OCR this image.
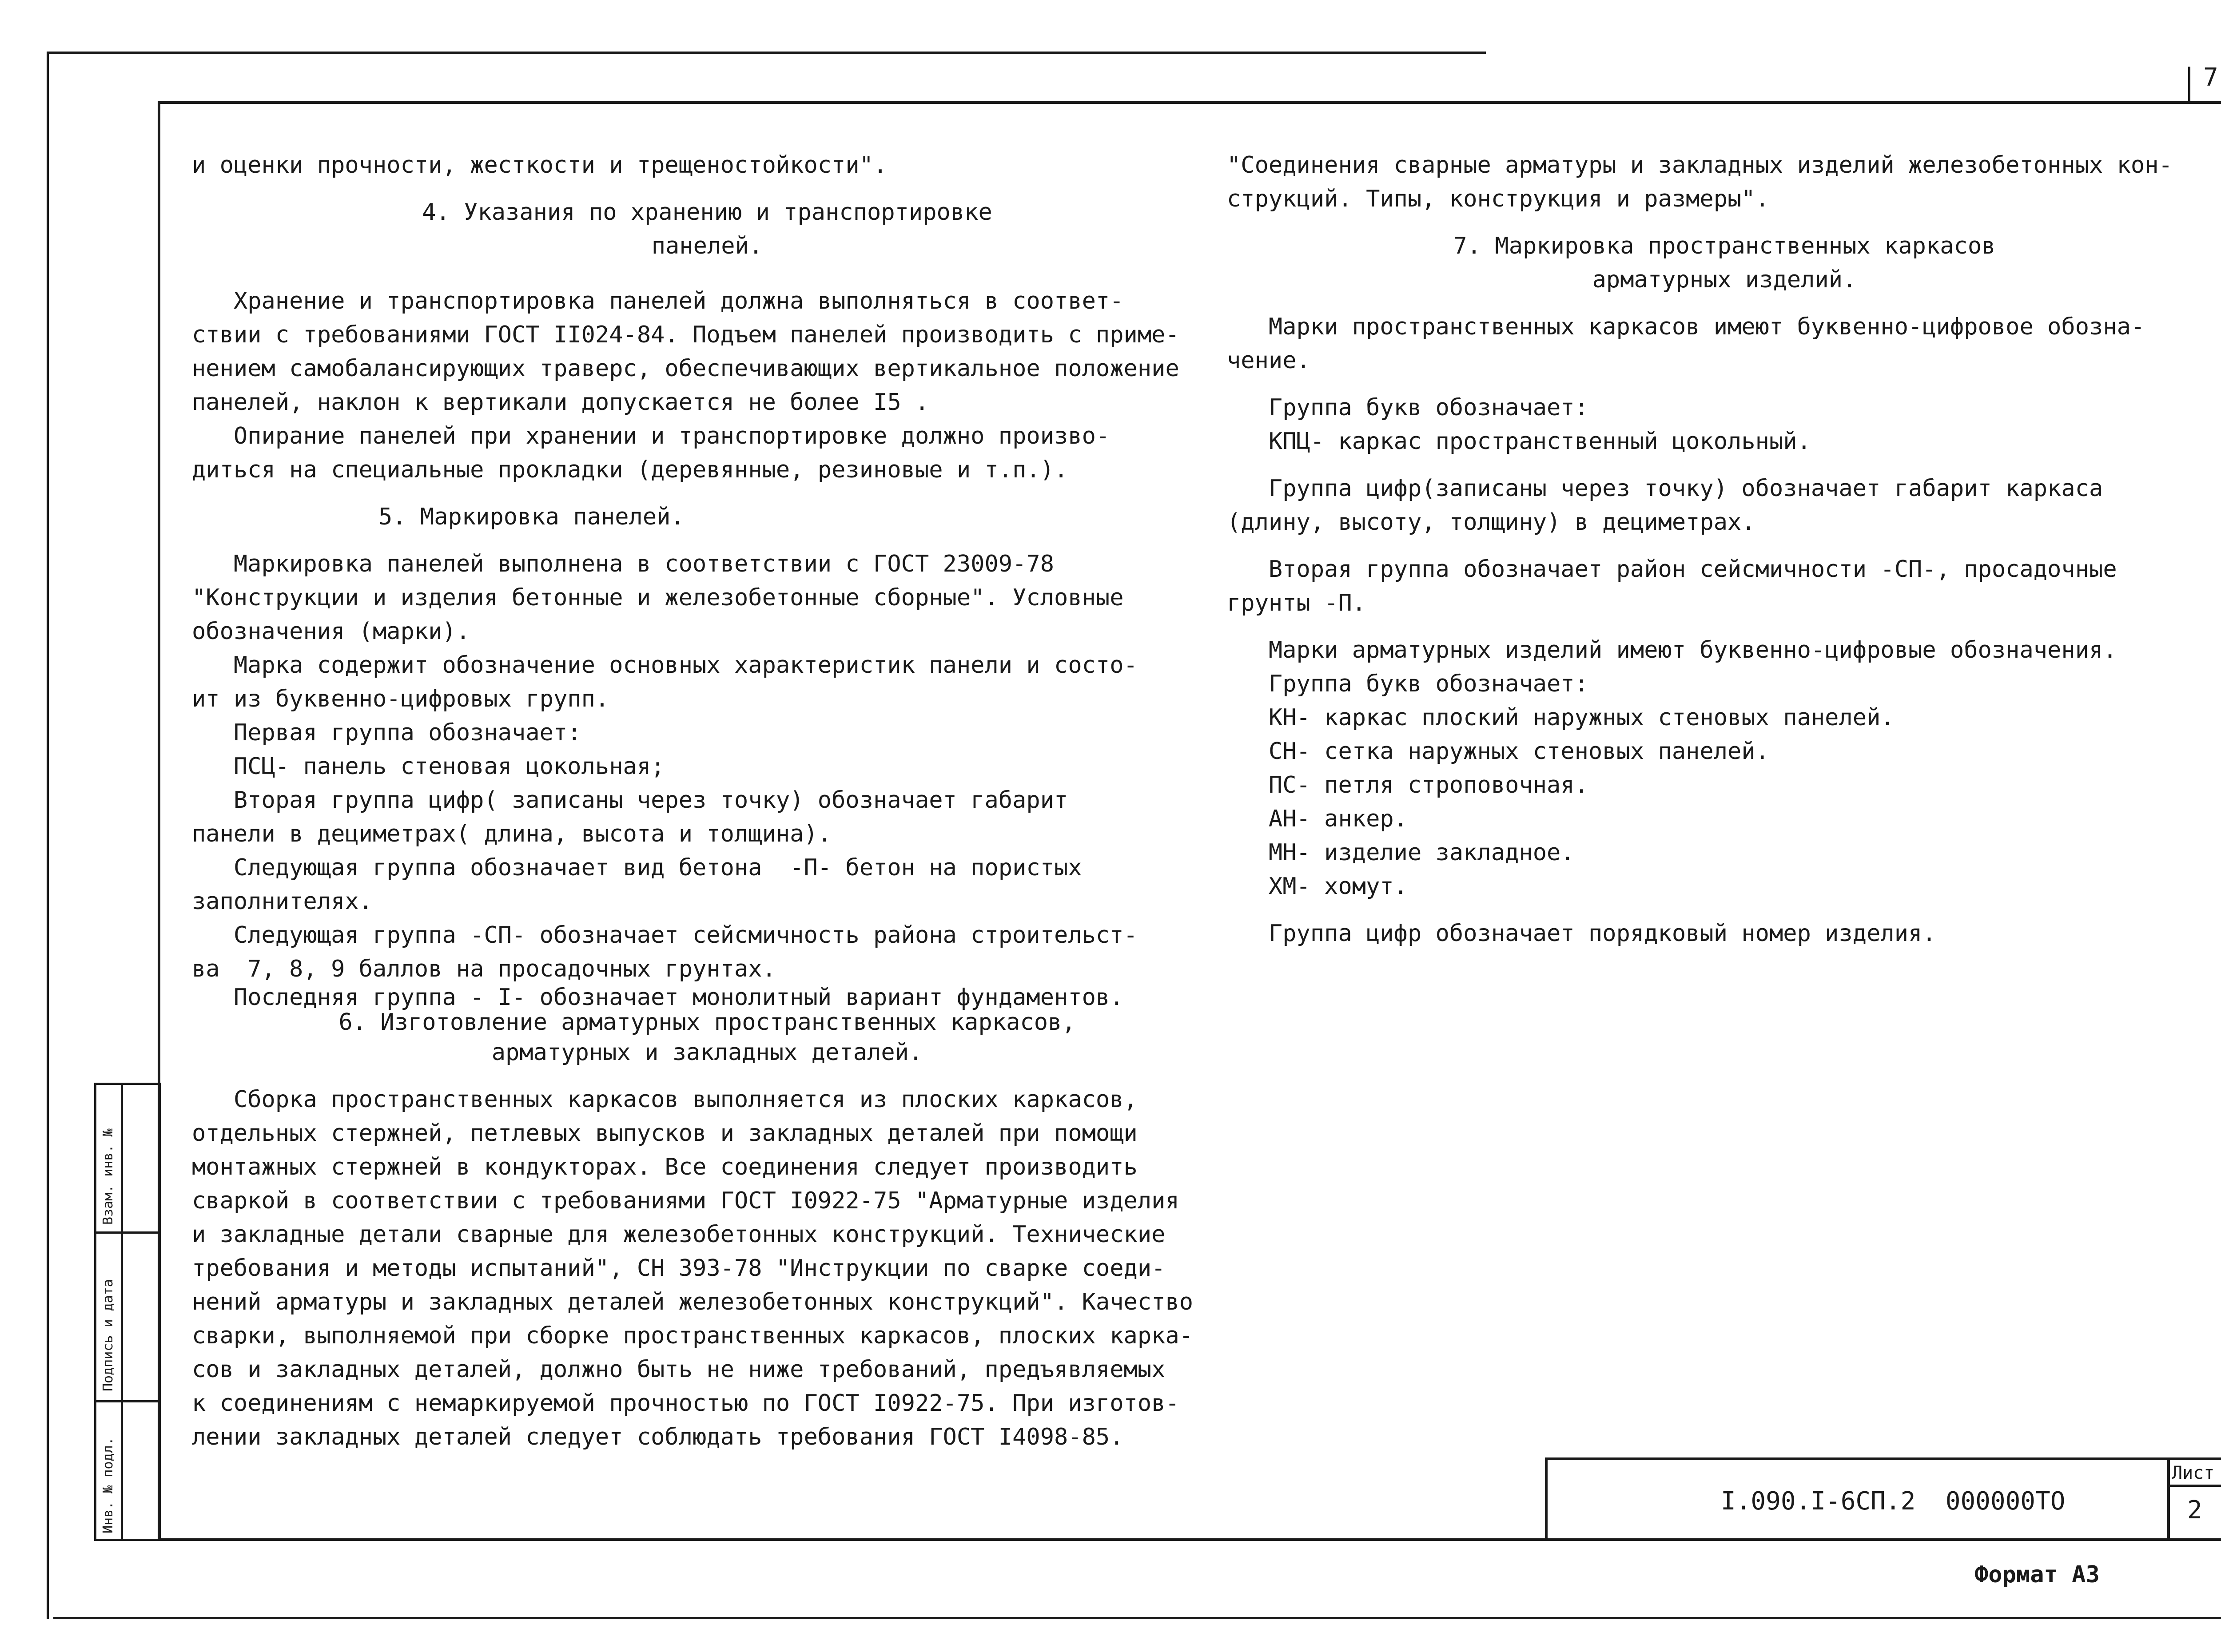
7

и оценки прочности, жесткости и трещеностойкости".

4. Указания по хранению и транспортировке

панелей.

Хранение и транспортировка панелей должна выполняться в соответ-

ствии с требованиями ГОСТ II024-84. Подъем панелей производить с приме-

нением самобалансирующих траверс, обеспечивающих вертикальное положение

панелей, наклон к вертикали допускается не более I5 .

Опирание панелей при хранении и транспортировке должно произво-

диться на специальные прокладки (деревянные, резиновые и т.п.).

5. Маркировка панелей.

Маркировка панелей выполнена в соответствии с ГОСТ 23009-78

"Конструкции и изделия бетонные и железобетонные сборные". Условные

обозначения (марки).

Марка содержит обозначение основных характеристик панели и состо-

ит из буквенно-цифровых групп.

Первая группа обозначает:

ПСЦ- панель стеновая цокольная;

Вторая группа цифр( записаны через точку) обозначает габарит

панели в дециметрах( длина, высота и толщина).

Следующая группа обозначает вид бетона  -П- бетон на пористых

заполнителях.

Следующая группа -СП- обозначает сейсмичность района строительст-

ва  7, 8, 9 баллов на просадочных грунтах.

Последняя группа - I- обозначает монолитный вариант фундаментов.

6. Изготовление арматурных пространственных каркасов,

арматурных и закладных деталей.

Сборка пространственных каркасов выполняется из плоских каркасов,

отдельных стержней, петлевых выпусков и закладных деталей при помощи

монтажных стержней в кондукторах. Все соединения следует производить

сваркой в соответствии с требованиями ГОСТ I0922-75 "Арматурные изделия

и закладные детали сварные для железобетонных конструкций. Технические

требования и методы испытаний", СН 393-78 "Инструкции по сварке соеди-

нений арматуры и закладных деталей железобетонных конструкций". Качество

сварки, выполняемой при сборке пространственных каркасов, плоских карка-

сов и закладных деталей, должно быть не ниже требований, предъявляемых

к соединениям с немаркируемой прочностью по ГОСТ I0922-75. При изготов-

лении закладных деталей следует соблюдать требования ГОСТ I4098-85.

"Соединения сварные арматуры и закладных изделий железобетонных кон-

струкций. Типы, конструкция и размеры".

7. Маркировка пространственных каркасов

арматурных изделий.

Марки пространственных каркасов имеют буквенно-цифровое обозна-

чение.

Группа букв обозначает:

КПЦ- каркас пространственный цокольный.

Группа цифр(записаны через точку) обозначает габарит каркаса

(длину, высоту, толщину) в дециметрах.

Вторая группа обозначает район сейсмичности -СП-, просадочные

грунты -П.

Марки арматурных изделий имеют буквенно-цифровые обозначения.

Группа букв обозначает:

КН- каркас плоский наружных стеновых панелей.

СН- сетка наружных стеновых панелей.

ПС- петля строповочная.

АН- анкер.

МН- изделие закладное.

ХМ- хомут.

Группа цифр обозначает порядковый номер изделия.

Взам. инв. №
Подпись и дата
Инв. № подл.	I.090.I-6СП.2  000000ТО
Лист
2
Формат А3
